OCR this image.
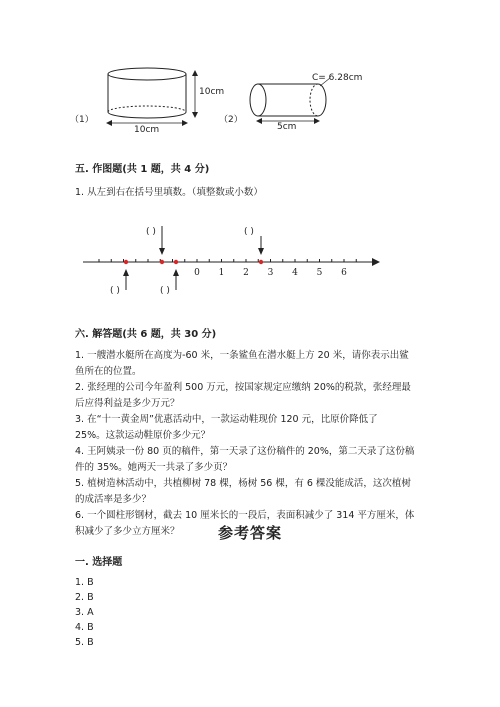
（1）
10cm
10cm
（2）
C= 6.28cm
5cm
五. 作图题(共 1 题，共 4 分)
1. 从左到右在括号里填数。（填整数或小数）
0 1 2 3 4 5 6
( )	( )
( )	( )
六. 解答题(共 6 题，共 30 分)
1. 一艘潜水艇所在高度为-60 米，一条鲨鱼在潜水艇上方 20 米，请你表示出鲨
鱼所在的位置。
2. 张经理的公司今年盈利 500 万元，按国家规定应缴纳 20%的税款，张经理最
后应得利益是多少万元？
3. 在“十一黄金周”优惠活动中，一款运动鞋现价 120 元，比原价降低了
25%。这款运动鞋原价多少元？
4. 王阿姨录一份 80 页的稿件，第一天录了这份稿件的 20%，第二天录了这份稿
件的 35%。她两天一共录了多少页？
5. 植树造林活动中，共植柳树 78 棵，杨树 56 棵，有 6 棵没能成活，这次植树
的成活率是多少？
6. 一个圆柱形钢材，截去 10 厘米长的一段后，表面积减少了 314 平方厘米，体
积减少了多少立方厘米？	参考答案
一. 选择题
1. B
2. B
3. A
4. B
5. B
